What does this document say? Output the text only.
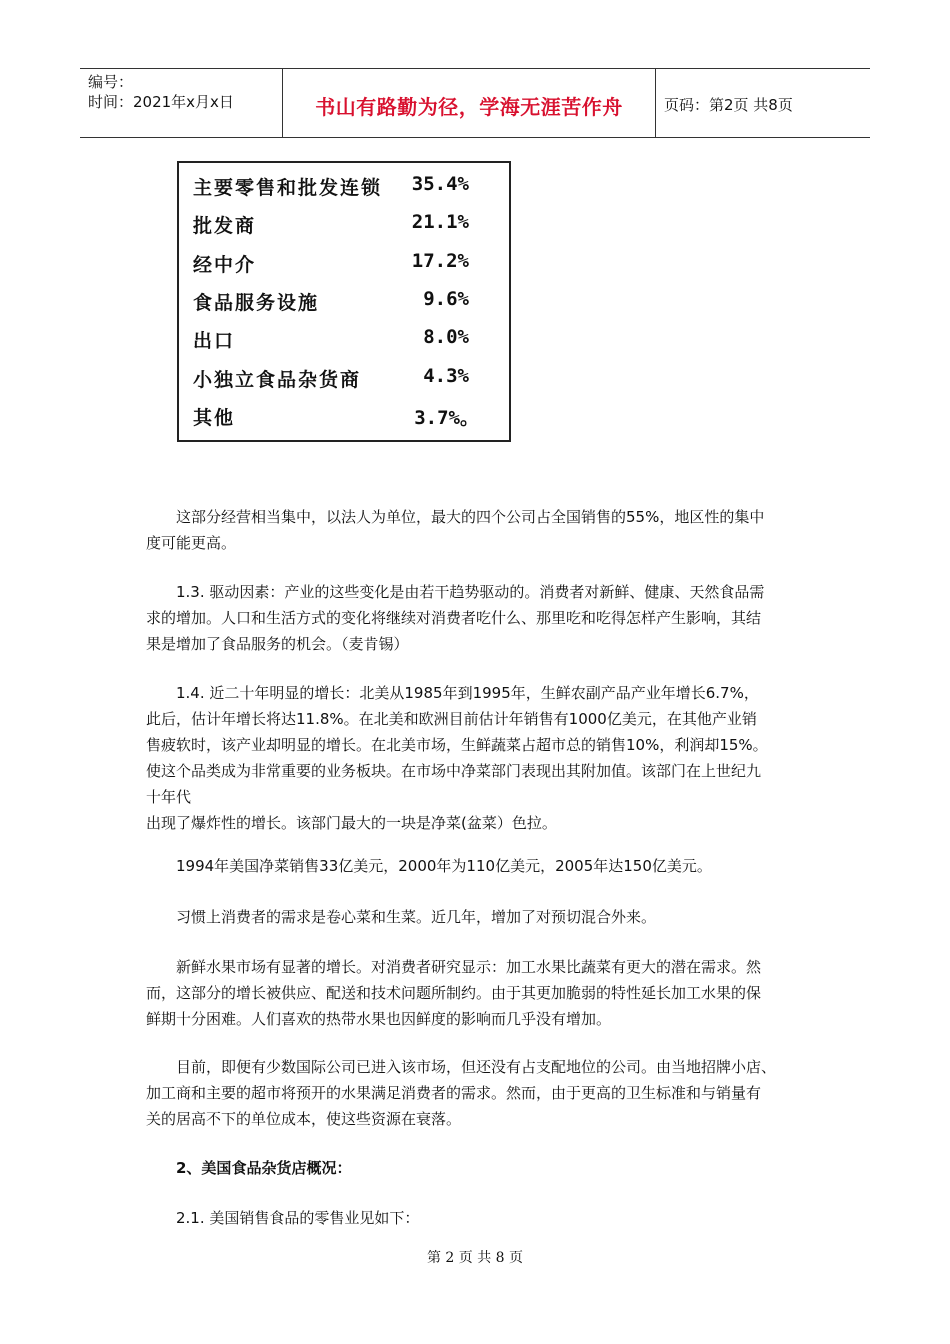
编号：
时间：2021年x月x日	书山有路勤为径，学海无涯苦作舟	页码：第2页 共8页
主要零售和批发连锁 35.4%
批发商	21.1%
经中介	17.2%
食品服务设施	9.6%
出口	8.0%
小独立食品杂货商	4.3%
其他	3.7%。
　　这部分经营相当集中，以法人为单位，最大的四个公司占全国销售的55%，地区性的集中
度可能更高。
　　1.3. 驱动因素：产业的这些变化是由若干趋势驱动的。消费者对新鲜、健康、天然食品需
求的增加。人口和生活方式的变化将继续对消费者吃什么、那里吃和吃得怎样产生影响，其结
果是增加了食品服务的机会。（麦肯锡）
　　1.4. 近二十年明显的增长：北美从1985年到1995年，生鲜农副产品产业年增长6.7%，
此后，估计年增长将达11.8%。在北美和欧洲目前估计年销售有1000亿美元，在其他产业销
售疲软时，该产业却明显的增长。在北美市场，生鲜蔬菜占超市总的销售10%，利润却15%。
使这个品类成为非常重要的业务板块。在市场中净菜部门表现出其附加值。该部门在上世纪九
十年代
出现了爆炸性的增长。该部门最大的一块是净菜(盆菜）色拉。
　　1994年美国净菜销售33亿美元，2000年为110亿美元，2005年达150亿美元。
　　习惯上消费者的需求是卷心菜和生菜。近几年，增加了对预切混合外来。
　　新鲜水果市场有显著的增长。对消费者研究显示：加工水果比蔬菜有更大的潜在需求。然
而，这部分的增长被供应、配送和技术问题所制约。由于其更加脆弱的特性延长加工水果的保
鲜期十分困难。人们喜欢的热带水果也因鲜度的影响而几乎没有增加。
　　目前，即便有少数国际公司已进入该市场，但还没有占支配地位的公司。由当地招牌小店、
加工商和主要的超市将预开的水果满足消费者的需求。然而，由于更高的卫生标准和与销量有
关的居高不下的单位成本，使这些资源在衰落。
　　2、美国食品杂货店概况：
　　2.1. 美国销售食品的零售业见如下：
第 2 页 共 8 页
